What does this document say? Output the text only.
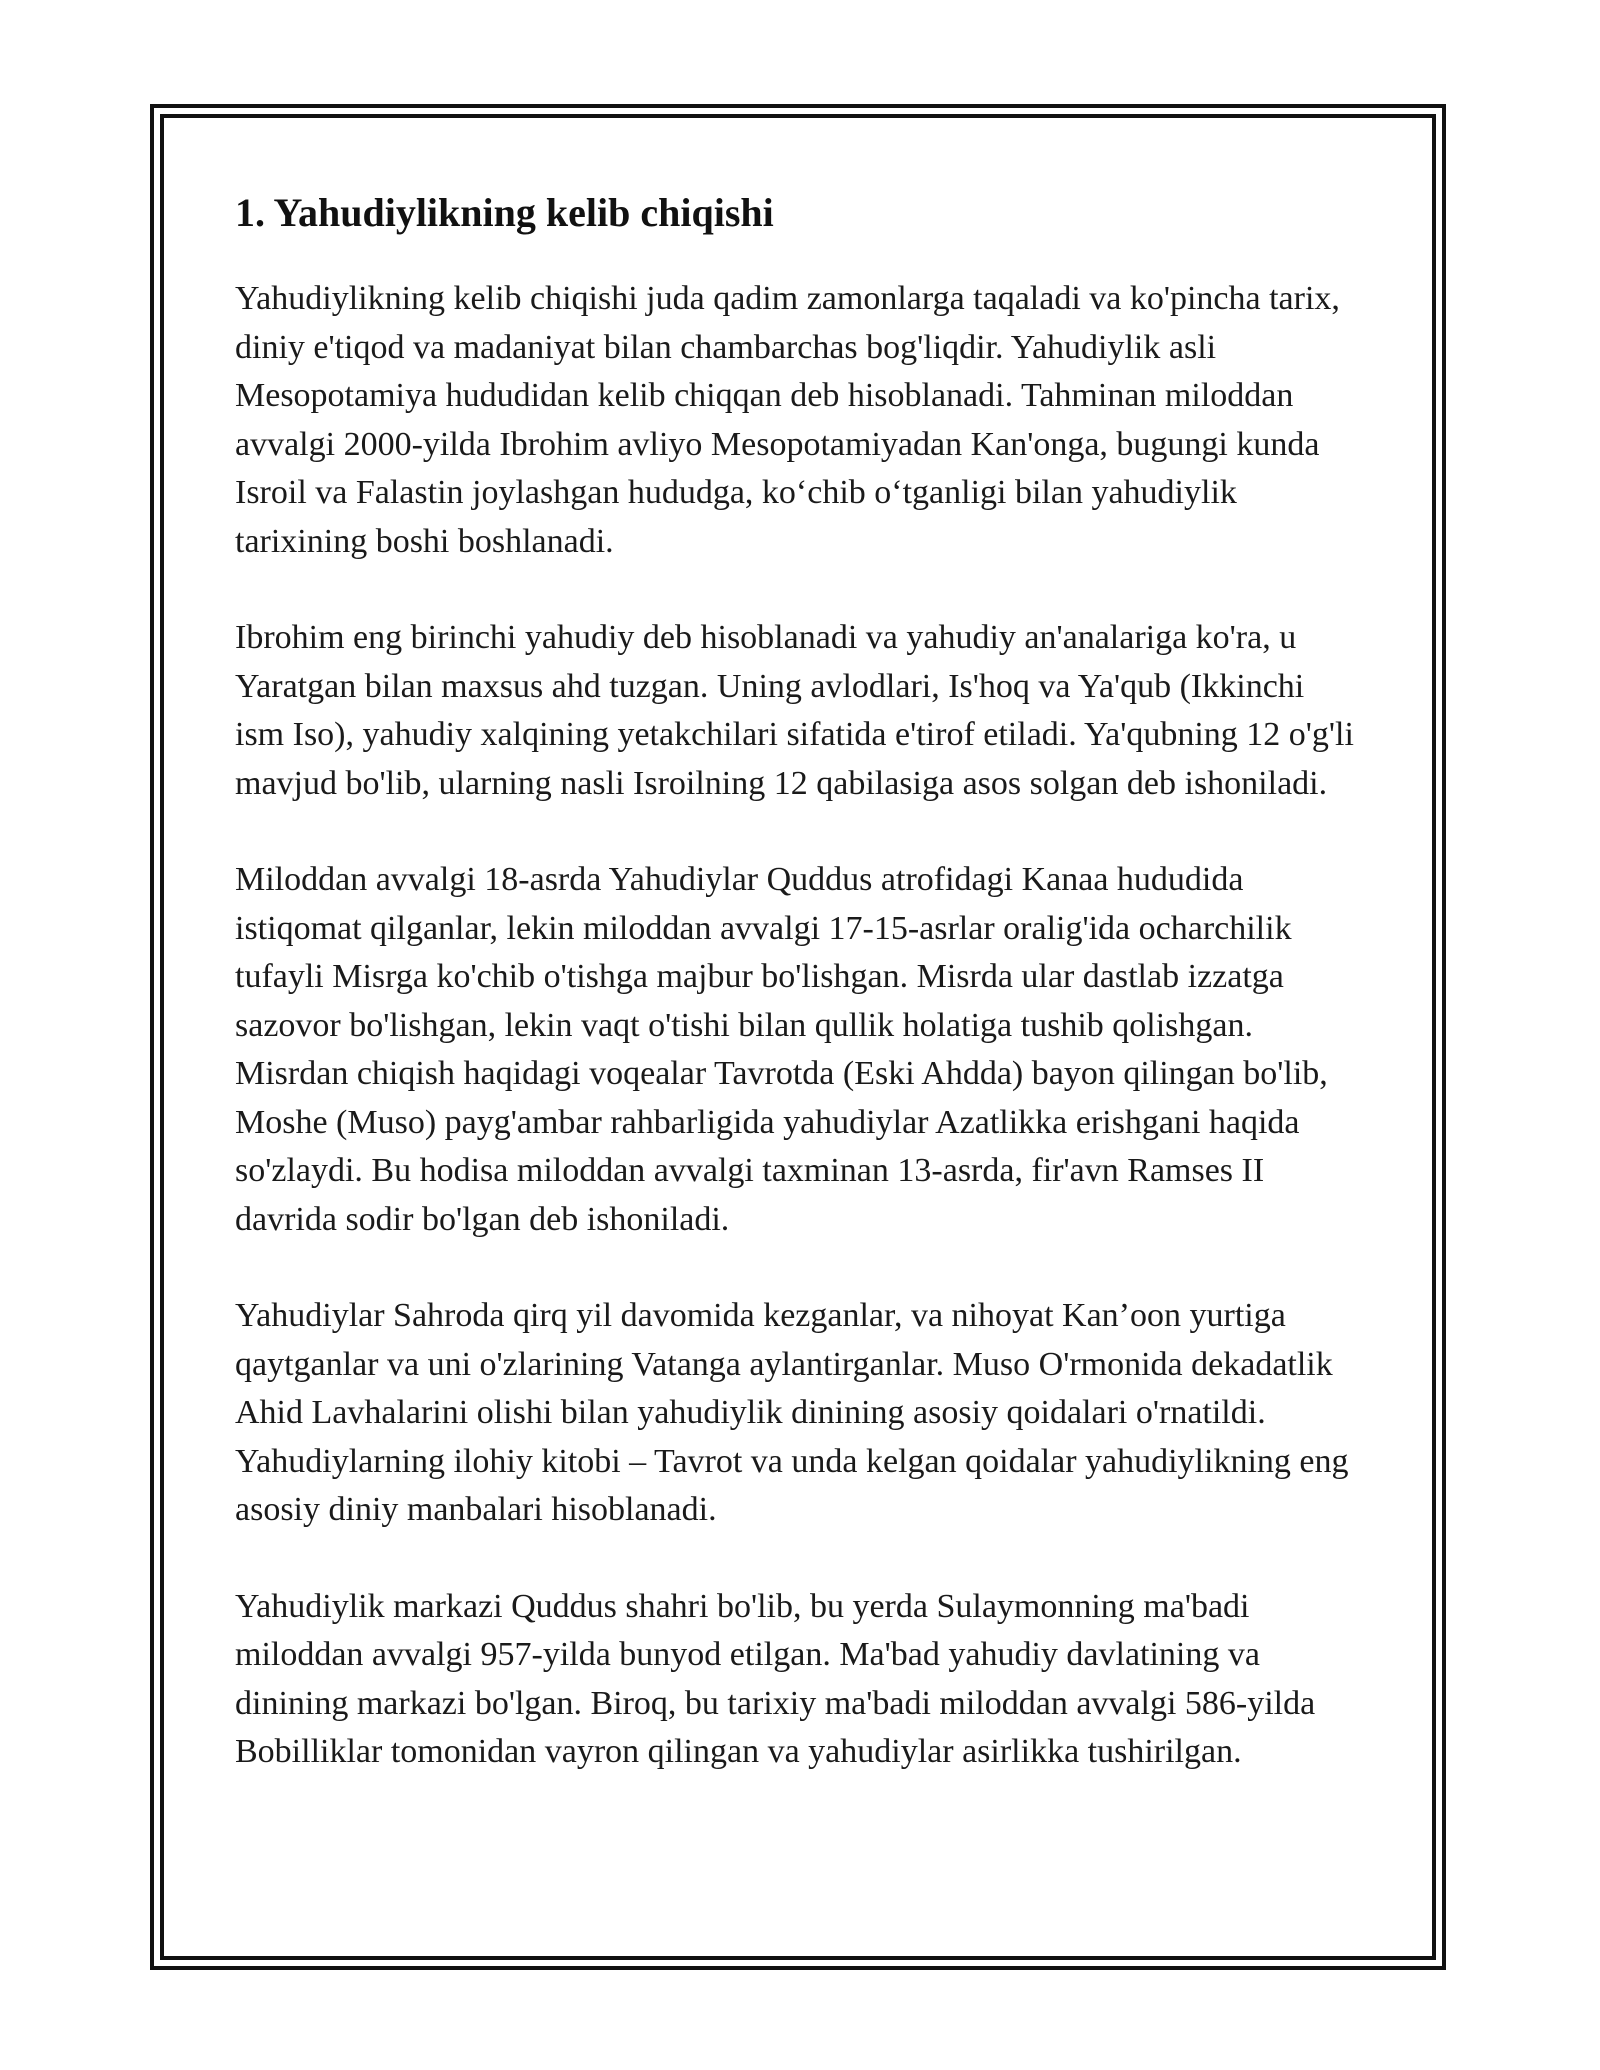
1. Yahudiylikning kelib chiqishi

Yahudiylikning kelib chiqishi juda qadim zamonlarga taqaladi va ko'pincha tarix, diniy e'tiqod va madaniyat bilan chambarchas bog'liqdir. Yahudiylik asli Mesopotamiya hududidan kelib chiqqan deb hisoblanadi. Tahminan miloddan avvalgi 2000-yilda Ibrohim avliyo Mesopotamiyadan Kan'onga, bugungi kunda Isroil va Falastin joylashgan hududga, ko‘chib o‘tganligi bilan yahudiylik tarixining boshi boshlanadi.

Ibrohim eng birinchi yahudiy deb hisoblanadi va yahudiy an'analariga ko'ra, u Yaratgan bilan maxsus ahd tuzgan. Uning avlodlari, Is'hoq va Ya'qub (Ikkinchi ism Iso), yahudiy xalqining yetakchilari sifatida e'tirof etiladi. Ya'qubning 12 o'g'li mavjud bo'lib, ularning nasli Isroilning 12 qabilasiga asos solgan deb ishoniladi.

Miloddan avvalgi 18-asrda Yahudiylar Quddus atrofidagi Kanaa hududida istiqomat qilganlar, lekin miloddan avvalgi 17-15-asrlar oralig'ida ocharchilik tufayli Misrga ko'chib o'tishga majbur bo'lishgan. Misrda ular dastlab izzatga sazovor bo'lishgan, lekin vaqt o'tishi bilan qullik holatiga tushib qolishgan. Misrdan chiqish haqidagi voqealar Tavrotda (Eski Ahdda) bayon qilingan bo'lib, Moshe (Muso) payg'ambar rahbarligida yahudiylar Azatlikka erishgani haqida so'zlaydi. Bu hodisa miloddan avvalgi taxminan 13-asrda, fir'avn Ramses II davrida sodir bo'lgan deb ishoniladi.

Yahudiylar Sahroda qirq yil davomida kezganlar, va nihoyat Kan’oon yurtiga qaytganlar va uni o'zlarining Vatanga aylantirganlar. Muso O'rmonida dekadatlik Ahid Lavhalarini olishi bilan yahudiylik dinining asosiy qoidalari o'rnatildi. Yahudiylarning ilohiy kitobi – Tavrot va unda kelgan qoidalar yahudiylikning eng asosiy diniy manbalari hisoblanadi.

Yahudiylik markazi Quddus shahri bo'lib, bu yerda Sulaymonning ma'badi miloddan avvalgi 957-yilda bunyod etilgan. Ma'bad yahudiy davlatining va dinining markazi bo'lgan. Biroq, bu tarixiy ma'badi miloddan avvalgi 586-yilda Bobilliklar tomonidan vayron qilingan va yahudiylar asirlikka tushirilgan.
